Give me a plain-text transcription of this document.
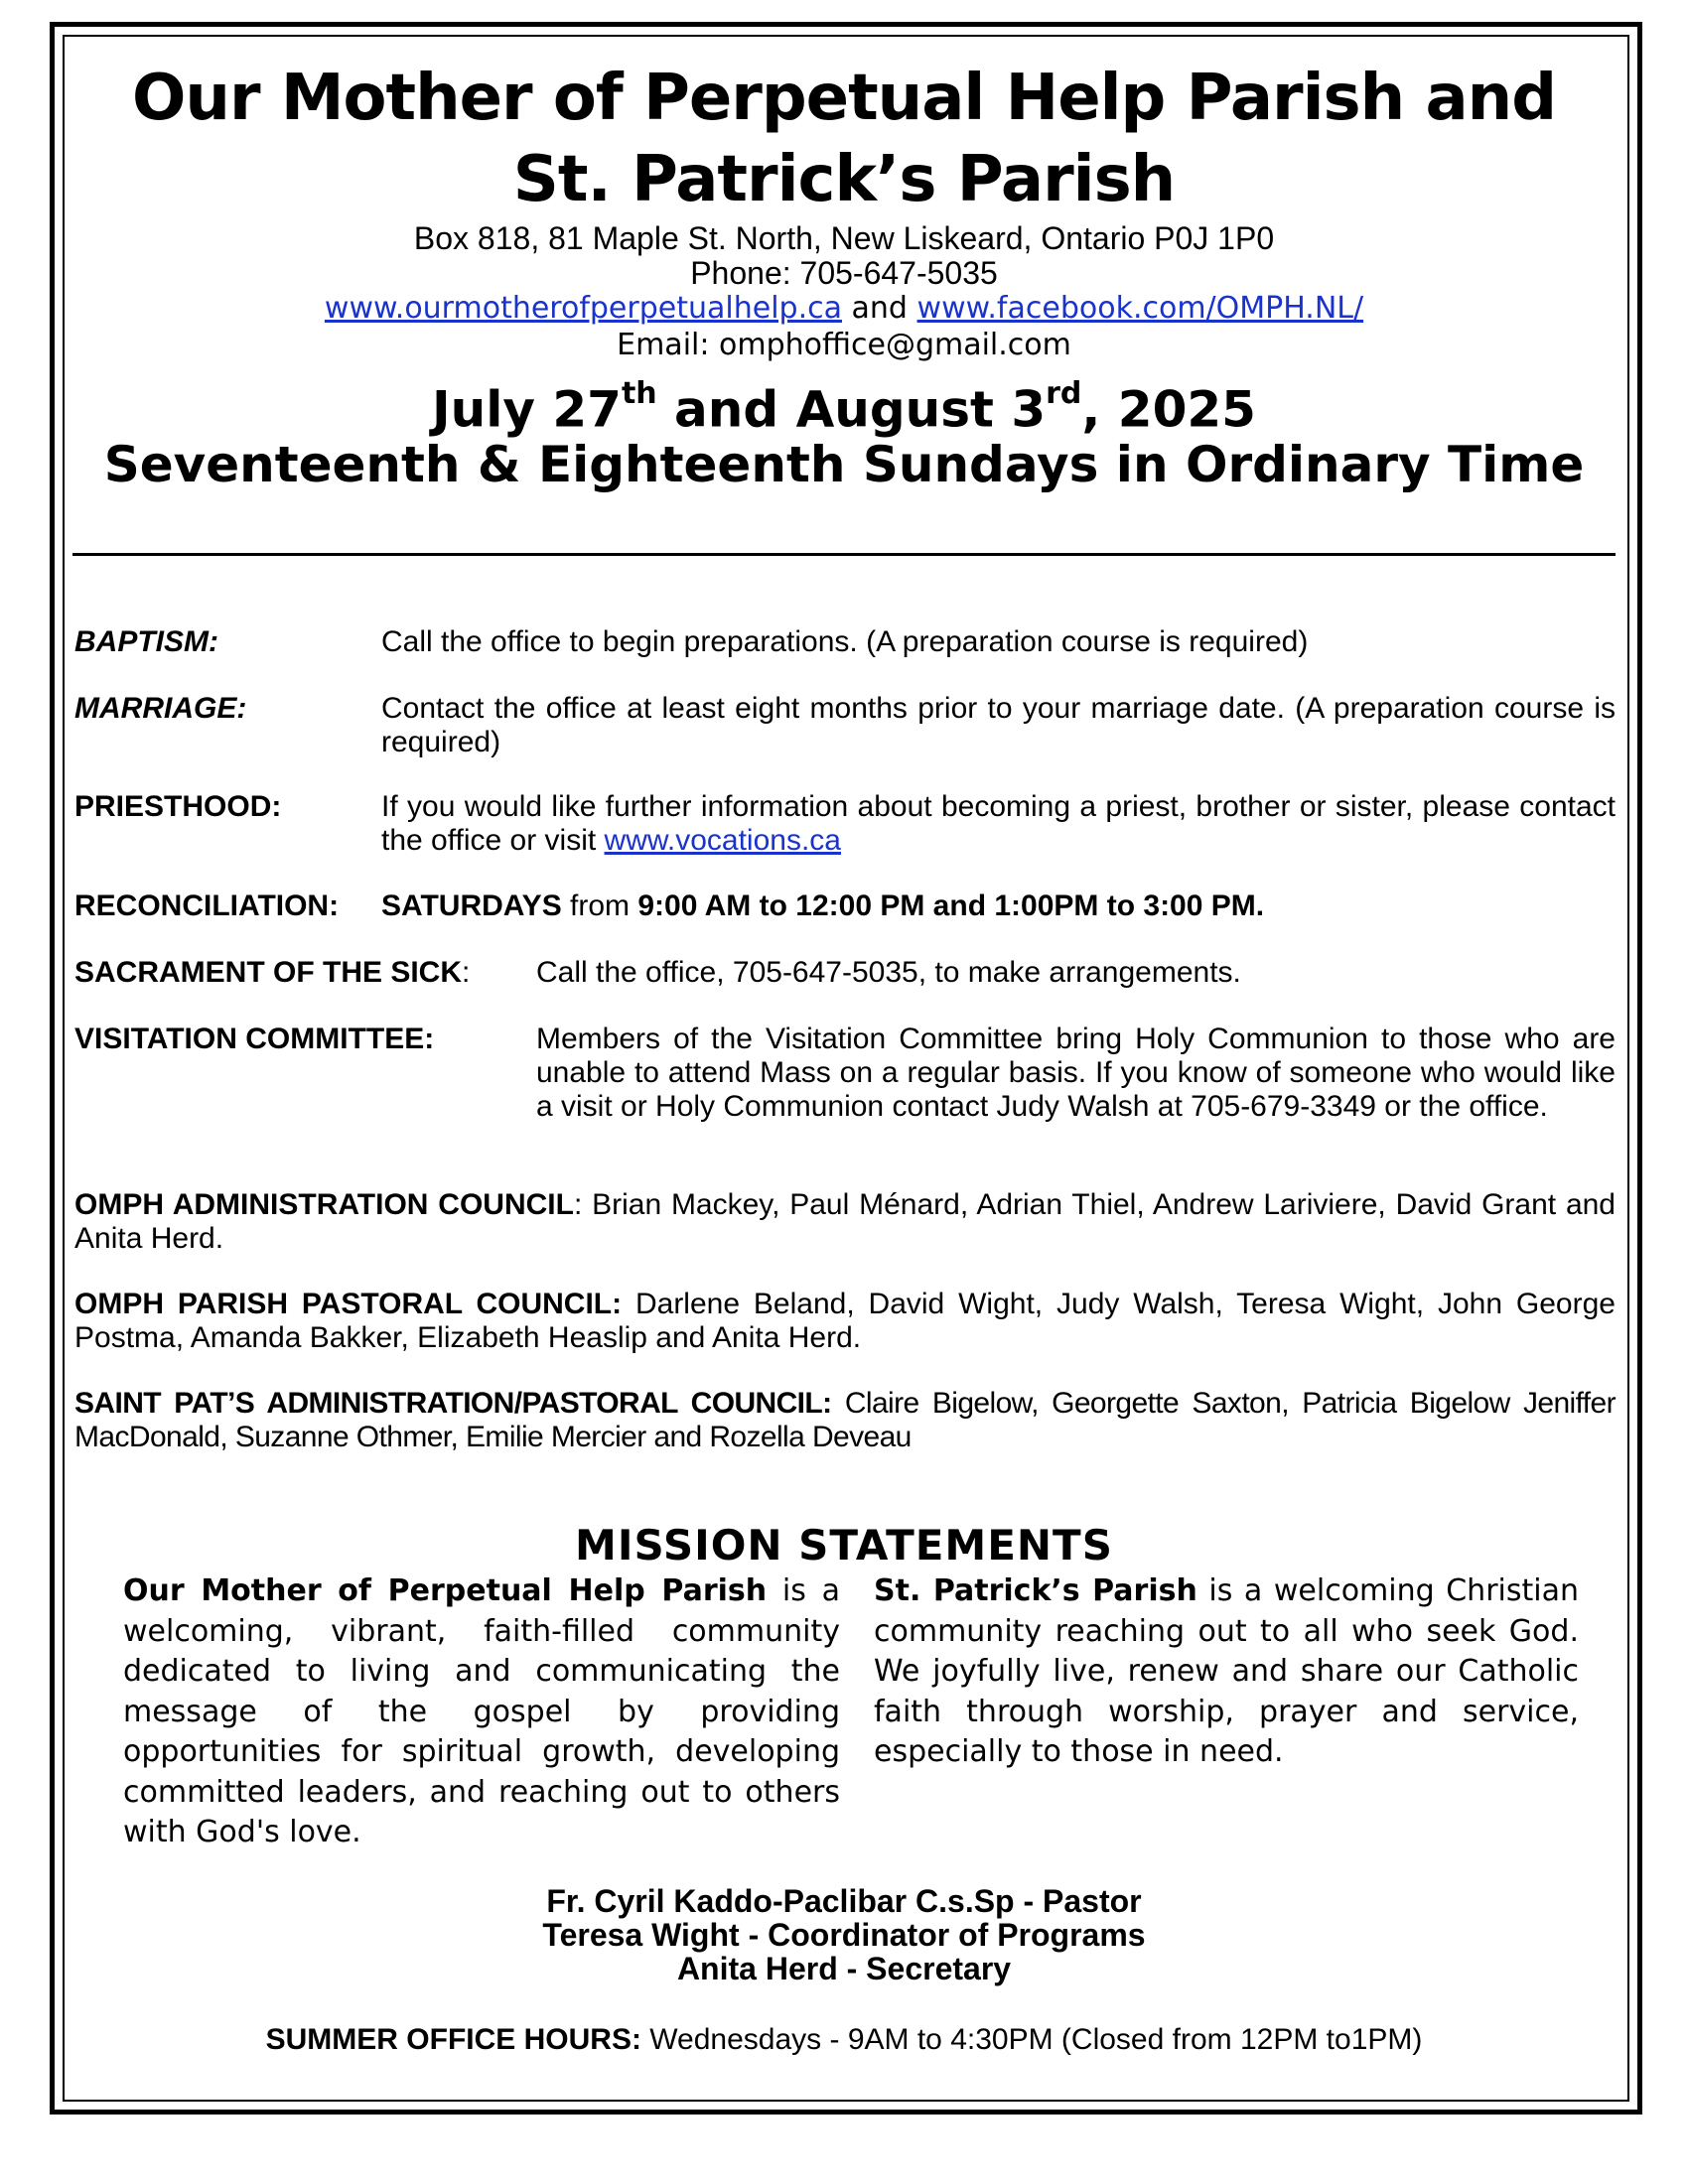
Our Mother of Perpetual Help Parish and
St. Patrick’s Parish
Box 818, 81 Maple St. North, New Liskeard, Ontario P0J 1P0
Phone: 705-647-5035
www.ourmotherofperpetualhelp.ca and www.facebook.com/OMPH.NL/
Email: omphoffice@gmail.com
July 27th and August 3rd, 2025
Seventeenth & Eighteenth Sundays in Ordinary Time
BAPTISM:	Call the office to begin preparations. (A preparation course is required)
MARRIAGE:	Contact the office at least eight months prior to your marriage date. (A preparation course is required)
PRIESTHOOD:	If you would like further information about becoming a priest, brother or sister, please contact the office or visit www.vocations.ca
RECONCILIATION: SATURDAYS from 9:00 AM to 12:00 PM and 1:00PM to 3:00 PM.
SACRAMENT OF THE SICK: Call the office, 705-647-5035, to make arrangements.
VISITATION COMMITTEE:	Members of the Visitation Committee bring Holy Communion to those who are unable to attend Mass on a regular basis. If you know of someone who would like a visit or Holy Communion contact Judy Walsh at 705-679-3349 or the office.
OMPH ADMINISTRATION COUNCIL: Brian Mackey, Paul Ménard, Adrian Thiel, Andrew Lariviere, David Grant and Anita Herd.
OMPH PARISH PASTORAL COUNCIL: Darlene Beland, David Wight, Judy Walsh, Teresa Wight, John George Postma, Amanda Bakker, Elizabeth Heaslip and Anita Herd.
SAINT PAT’S ADMINISTRATION/PASTORAL COUNCIL: Claire Bigelow, Georgette Saxton, Patricia Bigelow Jeniffer MacDonald, Suzanne Othmer, Emilie Mercier and Rozella Deveau
MISSION STATEMENTS
Our Mother of Perpetual Help Parish is a welcoming, vibrant, faith-filled community dedicated to living and communicating the message of the gospel by providing opportunities for spiritual growth, developing committed leaders, and reaching out to others with God's love.
St. Patrick’s Parish is a welcoming Christian community reaching out to all who seek God. We joyfully live, renew and share our Catholic faith through worship, prayer and service, especially to those in need.
Fr. Cyril Kaddo-Paclibar C.s.Sp - Pastor
Teresa Wight - Coordinator of Programs
Anita Herd - Secretary
SUMMER OFFICE HOURS: Wednesdays - 9AM to 4:30PM (Closed from 12PM to1PM)
